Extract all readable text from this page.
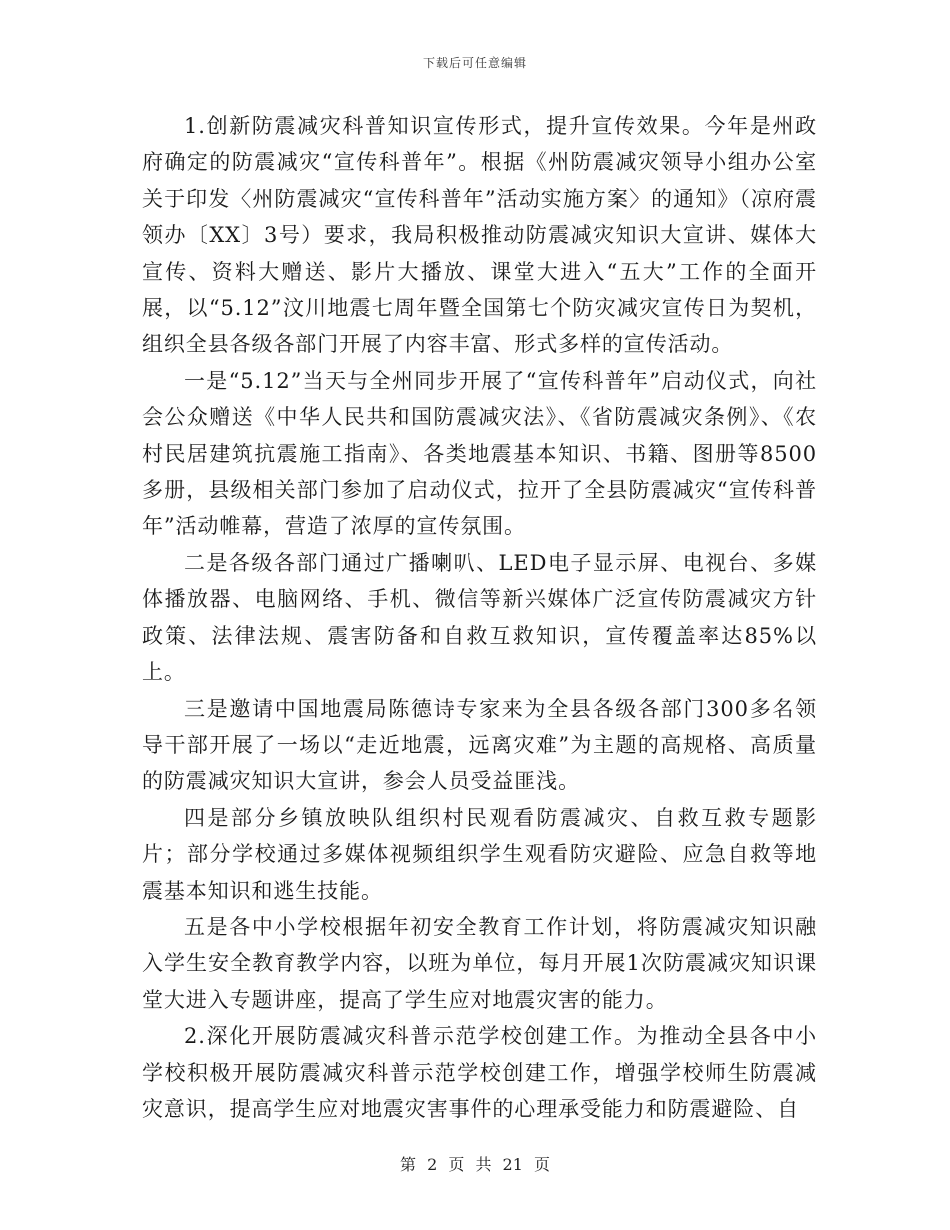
下载后可任意编辑

1.创新防震减灾科普知识宣传形式，提升宣传效果。今年是州政府确定的防震减灾“宣传科普年”。根据《州防震减灾领导小组办公室关于印发〈州防震减灾“宣传科普年”活动实施方案〉的通知》（凉府震领办〔XX〕3号）要求，我局积极推动防震减灾知识大宣讲、媒体大宣传、资料大赠送、影片大播放、课堂大进入“五大”工作的全面开展，以“5.12”汶川地震七周年暨全国第七个防灾减灾宣传日为契机，组织全县各级各部门开展了内容丰富、形式多样的宣传活动。

一是“5.12”当天与全州同步开展了“宣传科普年”启动仪式，向社会公众赠送《中华人民共和国防震减灾法》、《省防震减灾条例》、《农村民居建筑抗震施工指南》、各类地震基本知识、书籍、图册等8500多册，县级相关部门参加了启动仪式，拉开了全县防震减灾“宣传科普年”活动帷幕，营造了浓厚的宣传氛围。

二是各级各部门通过广播喇叭、LED电子显示屏、电视台、多媒体播放器、电脑网络、手机、微信等新兴媒体广泛宣传防震减灾方针政策、法律法规、震害防备和自救互救知识，宣传覆盖率达85%以上。

三是邀请中国地震局陈德诗专家来为全县各级各部门300多名领导干部开展了一场以“走近地震，远离灾难”为主题的高规格、高质量的防震减灾知识大宣讲，参会人员受益匪浅。

四是部分乡镇放映队组织村民观看防震减灾、自救互救专题影片；部分学校通过多媒体视频组织学生观看防灾避险、应急自救等地震基本知识和逃生技能。

五是各中小学校根据年初安全教育工作计划，将防震减灾知识融入学生安全教育教学内容，以班为单位，每月开展1次防震减灾知识课堂大进入专题讲座，提高了学生应对地震灾害的能力。

2.深化开展防震减灾科普示范学校创建工作。为推动全县各中小学校积极开展防震减灾科普示范学校创建工作，增强学校师生防震减灾意识，提高学生应对地震灾害事件的心理承受能力和防震避险、自

第 2 页 共 21 页
